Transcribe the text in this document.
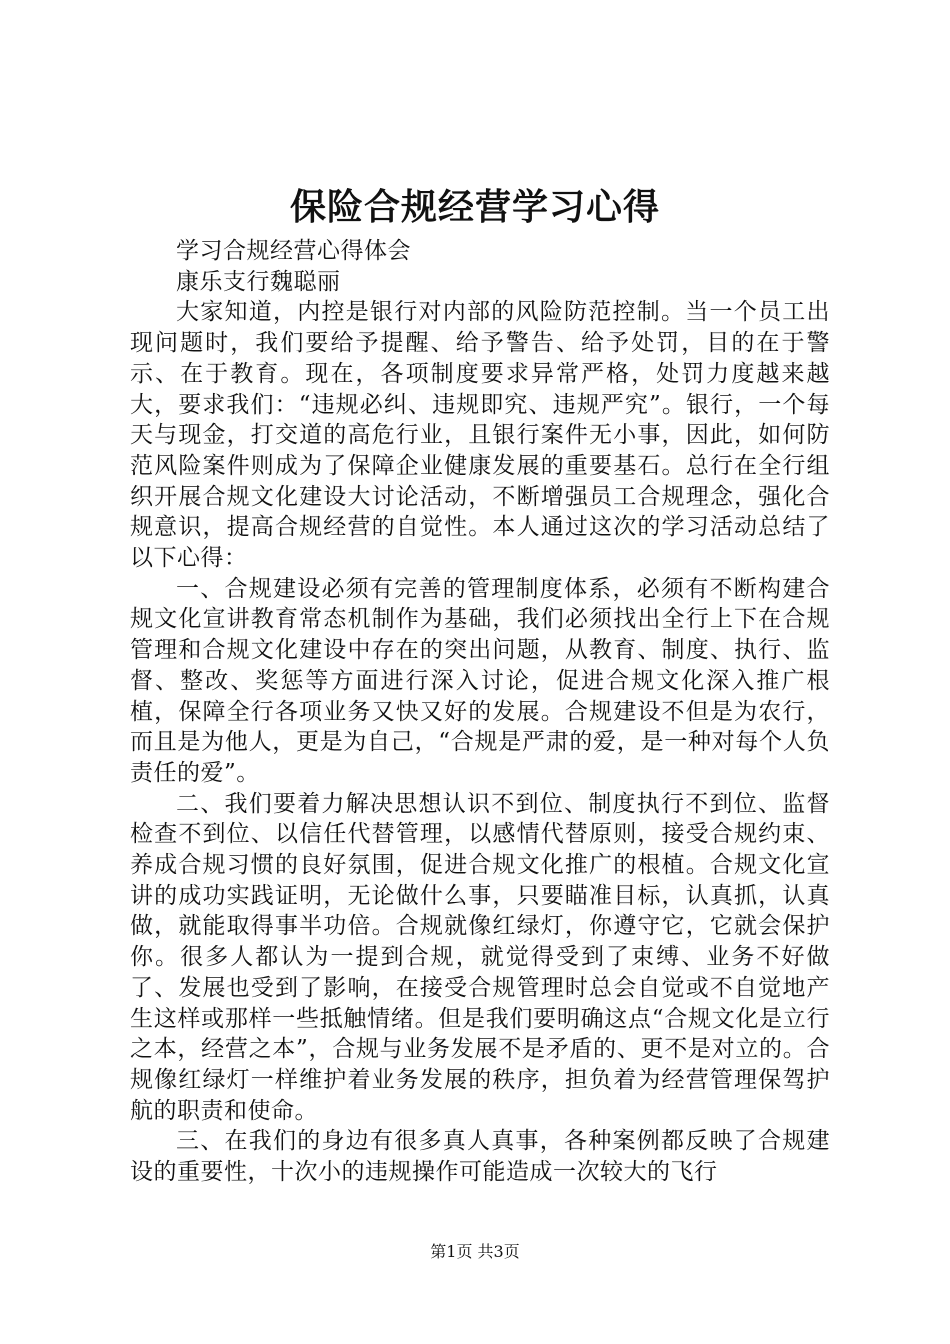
保险合规经营学习心得

学习合规经营心得体会

康乐支行魏聪丽

大家知道，内控是银行对内部的风险防范控制。当一个员工出现问题时，我们要给予提醒、给予警告、给予处罚，目的在于警示、在于教育。现在，各项制度要求异常严格，处罚力度越来越大，要求我们：“违规必纠、违规即究、违规严究”。银行，一个每天与现金，打交道的高危行业，且银行案件无小事，因此，如何防范风险案件则成为了保障企业健康发展的重要基石。总行在全行组织开展合规文化建设大讨论活动，不断增强员工合规理念，强化合规意识，提高合规经营的自觉性。本人通过这次的学习活动总结了以下心得：

一、合规建设必须有完善的管理制度体系，必须有不断构建合规文化宣讲教育常态机制作为基础，我们必须找出全行上下在合规管理和合规文化建设中存在的突出问题，从教育、制度、执行、监督、整改、奖惩等方面进行深入讨论，促进合规文化深入推广根植，保障全行各项业务又快又好的发展。合规建设不但是为农行，而且是为他人，更是为自己，“合规是严肃的爱，是一种对每个人负责任的爱”。

二、我们要着力解决思想认识不到位、制度执行不到位、监督检查不到位、以信任代替管理，以感情代替原则，接受合规约束、养成合规习惯的良好氛围，促进合规文化推广的根植。合规文化宣讲的成功实践证明，无论做什么事，只要瞄准目标，认真抓，认真做，就能取得事半功倍。合规就像红绿灯，你遵守它，它就会保护你。很多人都认为一提到合规，就觉得受到了束缚、业务不好做了、发展也受到了影响，在接受合规管理时总会自觉或不自觉地产生这样或那样一些抵触情绪。但是我们要明确这点“合规文化是立行之本，经营之本”，合规与业务发展不是矛盾的、更不是对立的。合规像红绿灯一样维护着业务发展的秩序，担负着为经营管理保驾护航的职责和使命。

三、在我们的身边有很多真人真事，各种案例都反映了合规建设的重要性，十次小的违规操作可能造成一次较大的飞行

第1页 共3页
